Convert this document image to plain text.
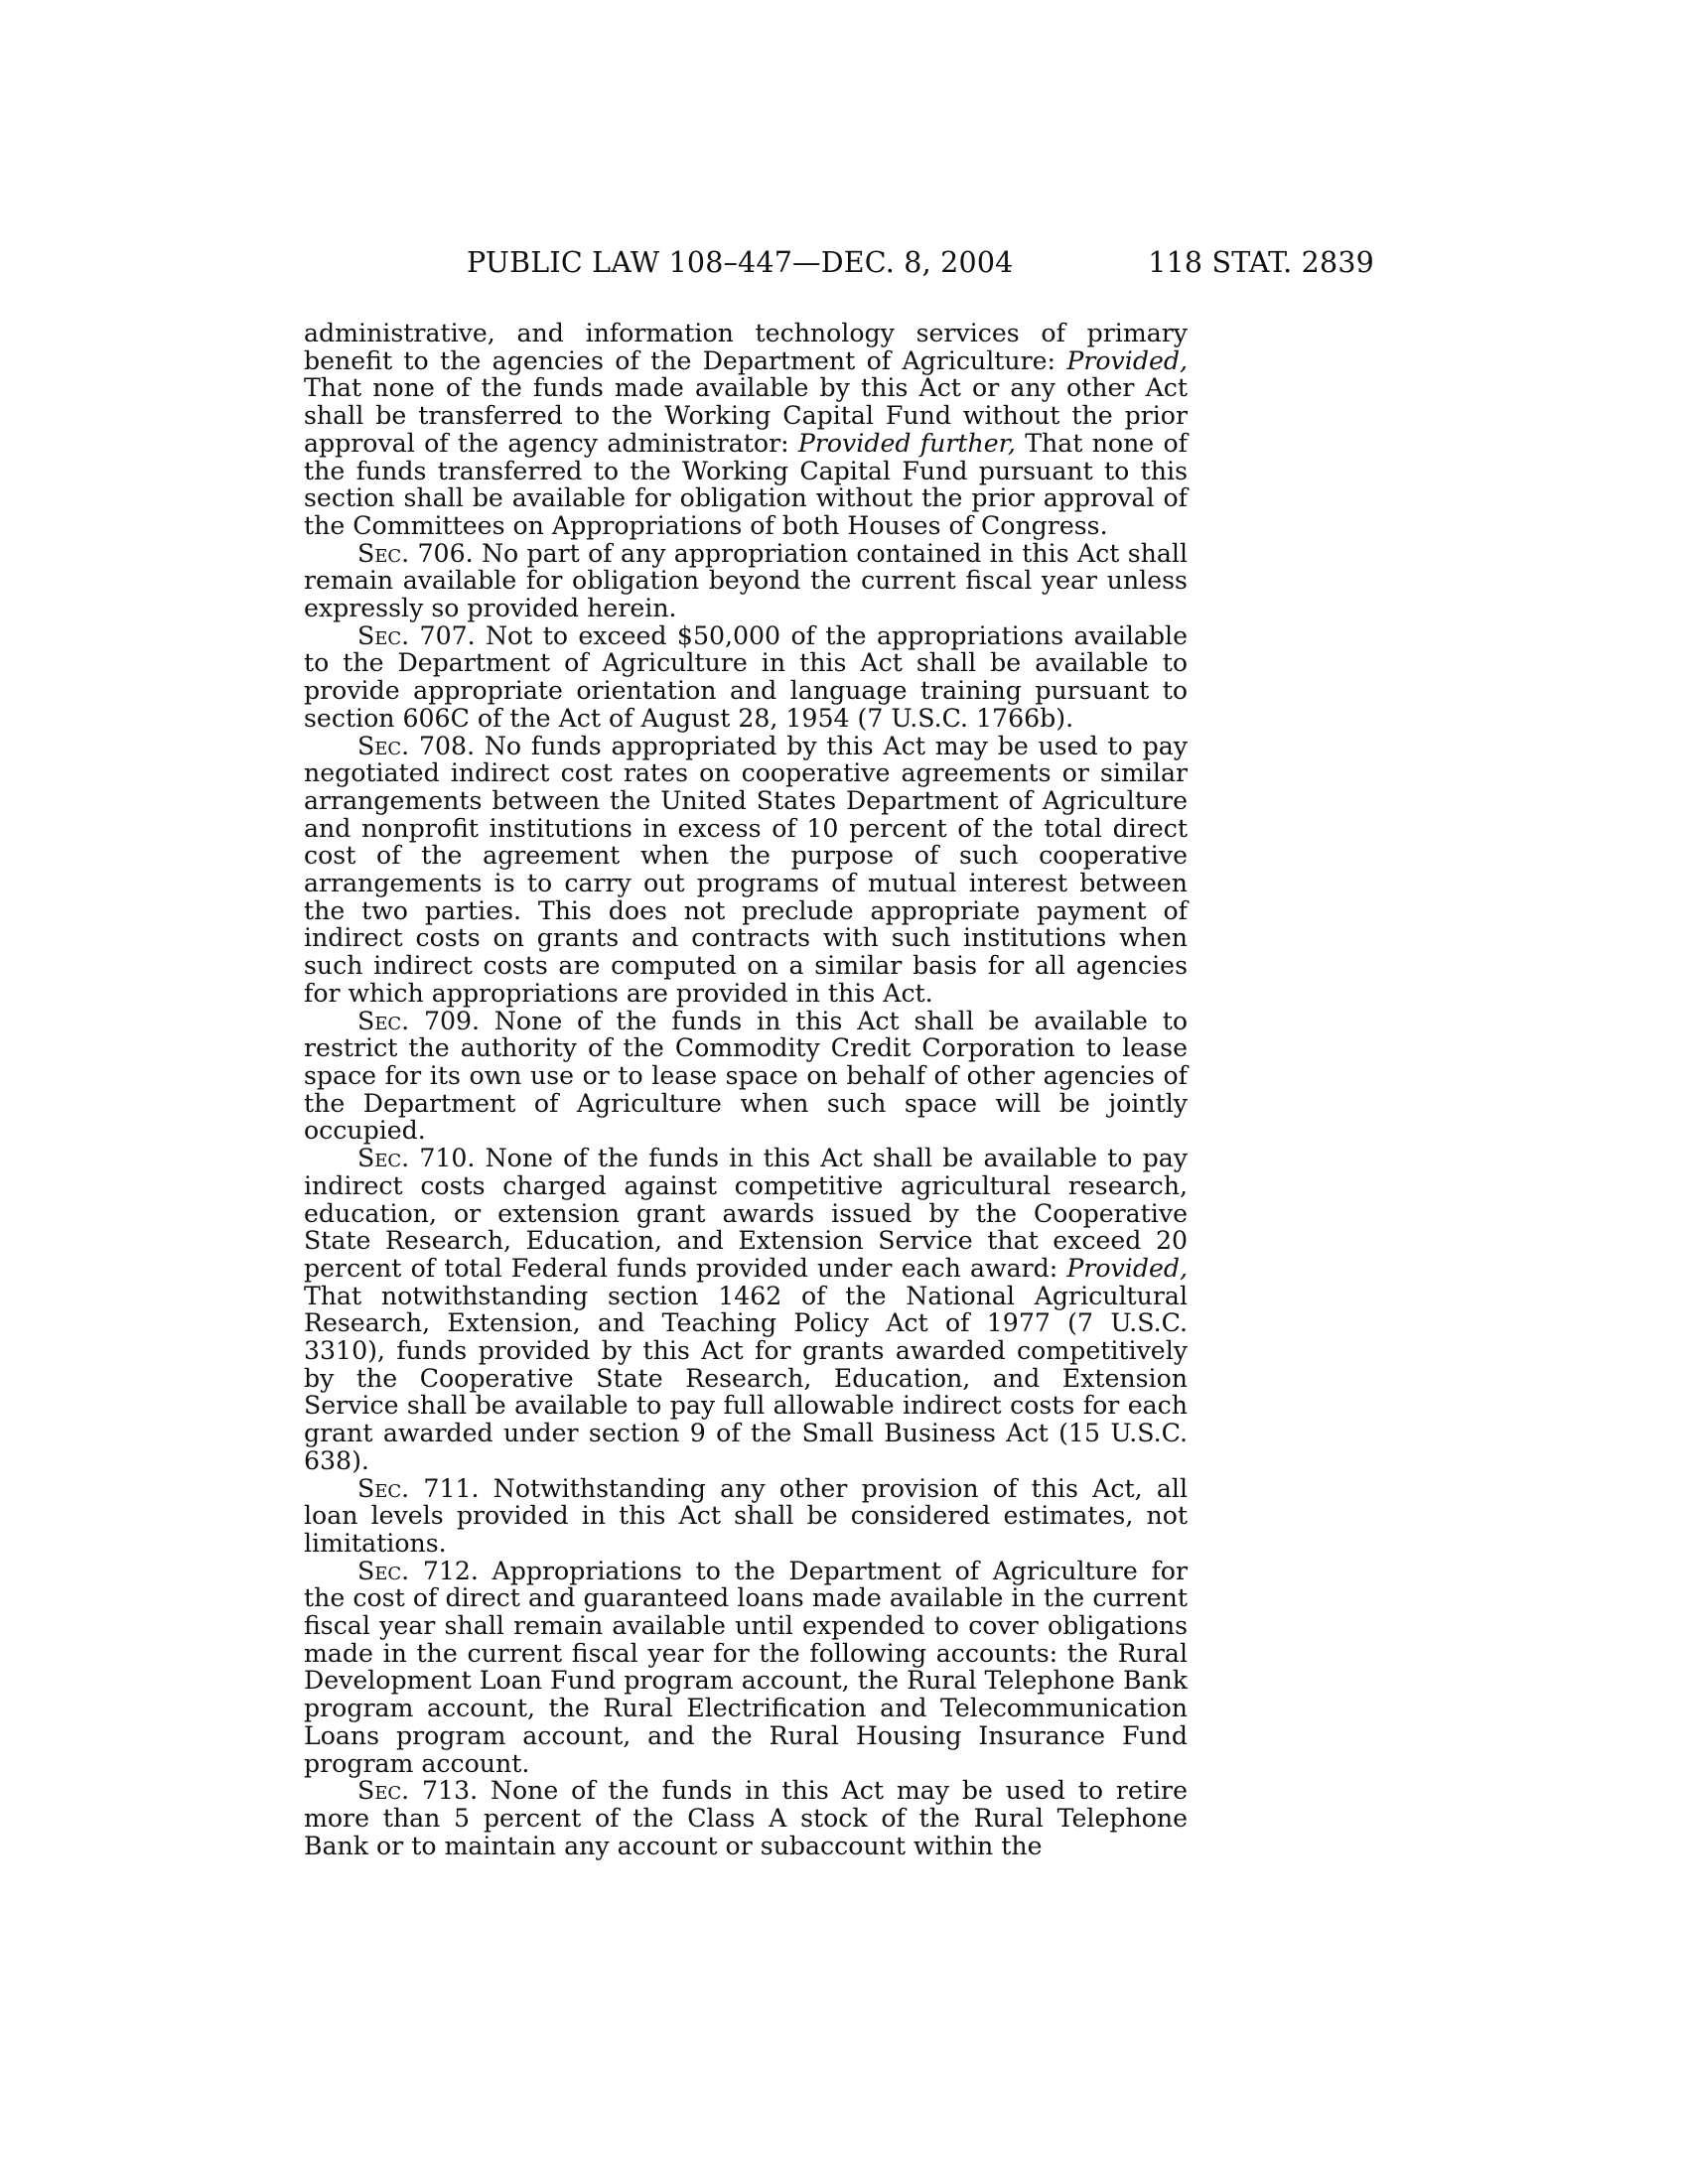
PUBLIC LAW 108–447—DEC. 8, 2004	118 STAT. 2839

administrative, and information technology services of primary benefit to the agencies of the Department of Agriculture: Provided, That none of the funds made available by this Act or any other Act shall be transferred to the Working Capital Fund without the prior approval of the agency administrator: Provided further, That none of the funds transferred to the Working Capital Fund pursuant to this section shall be available for obligation without the prior approval of the Committees on Appropriations of both Houses of Congress.

Sec. 706. No part of any appropriation contained in this Act shall remain available for obligation beyond the current fiscal year unless expressly so provided herein.

Sec. 707. Not to exceed $50,000 of the appropriations available to the Department of Agriculture in this Act shall be available to provide appropriate orientation and language training pursuant to section 606C of the Act of August 28, 1954 (7 U.S.C. 1766b).

Sec. 708. No funds appropriated by this Act may be used to pay negotiated indirect cost rates on cooperative agreements or similar arrangements between the United States Department of Agriculture and nonprofit institutions in excess of 10 percent of the total direct cost of the agreement when the purpose of such cooperative arrangements is to carry out programs of mutual interest between the two parties. This does not preclude appropriate payment of indirect costs on grants and contracts with such institutions when such indirect costs are computed on a similar basis for all agencies for which appropriations are provided in this Act.

Sec. 709. None of the funds in this Act shall be available to restrict the authority of the Commodity Credit Corporation to lease space for its own use or to lease space on behalf of other agencies of the Department of Agriculture when such space will be jointly occupied.

Sec. 710. None of the funds in this Act shall be available to pay indirect costs charged against competitive agricultural research, education, or extension grant awards issued by the Cooperative State Research, Education, and Extension Service that exceed 20 percent of total Federal funds provided under each award: Provided, That notwithstanding section 1462 of the National Agricultural Research, Extension, and Teaching Policy Act of 1977 (7 U.S.C. 3310), funds provided by this Act for grants awarded competitively by the Cooperative State Research, Education, and Extension Service shall be available to pay full allowable indirect costs for each grant awarded under section 9 of the Small Business Act (15 U.S.C. 638).

Sec. 711. Notwithstanding any other provision of this Act, all loan levels provided in this Act shall be considered estimates, not limitations.

Sec. 712. Appropriations to the Department of Agriculture for the cost of direct and guaranteed loans made available in the current fiscal year shall remain available until expended to cover obligations made in the current fiscal year for the following accounts: the Rural Development Loan Fund program account, the Rural Telephone Bank program account, the Rural Electrification and Telecommunication Loans program account, and the Rural Housing Insurance Fund program account.

Sec. 713. None of the funds in this Act may be used to retire more than 5 percent of the Class A stock of the Rural Telephone Bank or to maintain any account or subaccount within the
